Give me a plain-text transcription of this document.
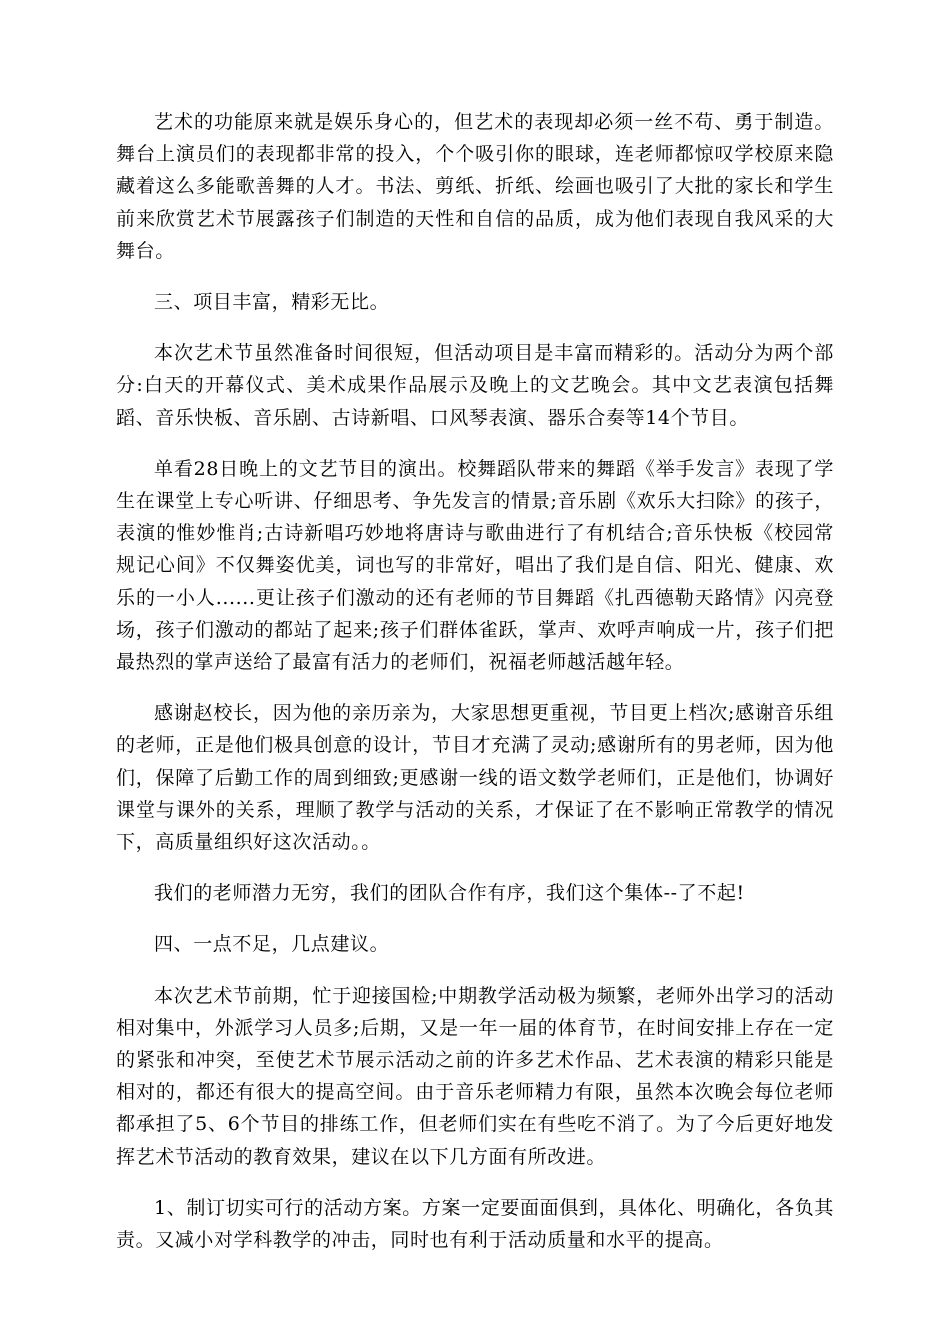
艺术的功能原来就是娱乐身心的，但艺术的表现却必须一丝不苟、勇于制造。舞台上演员们的表现都非常的投入，个个吸引你的眼球，连老师都惊叹学校原来隐藏着这么多能歌善舞的人才。书法、剪纸、折纸、绘画也吸引了大批的家长和学生前来欣赏艺术节展露孩子们制造的天性和自信的品质，成为他们表现自我风采的大舞台。

三、项目丰富，精彩无比。

本次艺术节虽然准备时间很短，但活动项目是丰富而精彩的。活动分为两个部分:白天的开幕仪式、美术成果作品展示及晚上的文艺晚会。其中文艺表演包括舞蹈、音乐快板、音乐剧、古诗新唱、口风琴表演、器乐合奏等14个节目。

单看28日晚上的文艺节目的演出。校舞蹈队带来的舞蹈《举手发言》表现了学生在课堂上专心听讲、仔细思考、争先发言的情景;音乐剧《欢乐大扫除》的孩子，表演的惟妙惟肖;古诗新唱巧妙地将唐诗与歌曲进行了有机结合;音乐快板《校园常规记心间》不仅舞姿优美，词也写的非常好，唱出了我们是自信、阳光、健康、欢乐的一小人......更让孩子们激动的还有老师的节目舞蹈《扎西德勒天路情》闪亮登场，孩子们激动的都站了起来;孩子们群体雀跃，掌声、欢呼声响成一片，孩子们把最热烈的掌声送给了最富有活力的老师们，祝福老师越活越年轻。

感谢赵校长，因为他的亲历亲为，大家思想更重视，节目更上档次;感谢音乐组的老师，正是他们极具创意的设计，节目才充满了灵动;感谢所有的男老师，因为他们，保障了后勤工作的周到细致;更感谢一线的语文数学老师们，正是他们，协调好课堂与课外的关系，理顺了教学与活动的关系，才保证了在不影响正常教学的情况下，高质量组织好这次活动。。

我们的老师潜力无穷，我们的团队合作有序，我们这个集体--了不起!

四、一点不足，几点建议。

本次艺术节前期，忙于迎接国检;中期教学活动极为频繁，老师外出学习的活动相对集中，外派学习人员多;后期，又是一年一届的体育节，在时间安排上存在一定的紧张和冲突，至使艺术节展示活动之前的许多艺术作品、艺术表演的精彩只能是相对的，都还有很大的提高空间。由于音乐老师精力有限，虽然本次晚会每位老师都承担了5、6个节目的排练工作，但老师们实在有些吃不消了。为了今后更好地发挥艺术节活动的教育效果，建议在以下几方面有所改进。

1、制订切实可行的活动方案。方案一定要面面俱到，具体化、明确化，各负其责。又减小对学科教学的冲击，同时也有利于活动质量和水平的提高。
